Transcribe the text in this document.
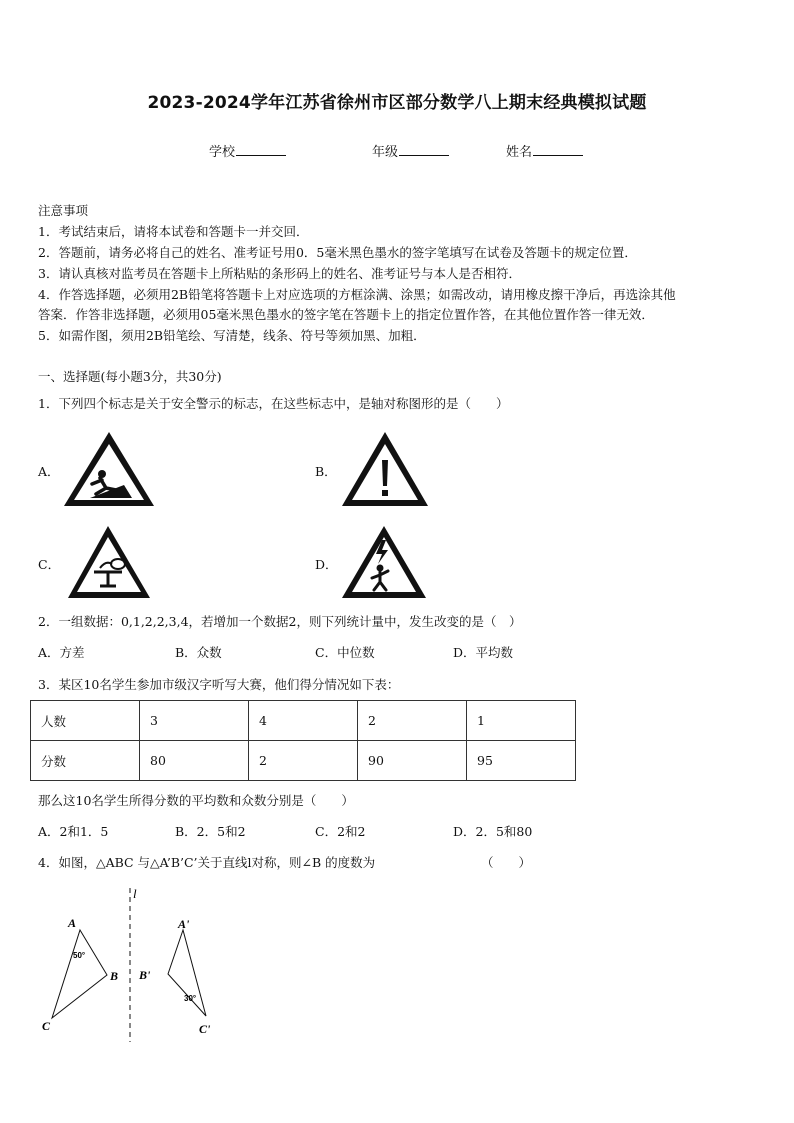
2023-2024学年江苏省徐州市区部分数学八上期末经典模拟试题
学校	年级	姓名
注意事项
1．考试结束后，请将本试卷和答题卡一并交回．
2．答题前，请务必将自己的姓名、准考证号用0．5毫米黑色墨水的签字笔填写在试卷及答题卡的规定位置．
3．请认真核对监考员在答题卡上所粘贴的条形码上的姓名、准考证号与本人是否相符．
4．作答选择题，必须用2B铅笔将答题卡上对应选项的方框涂满、涂黑；如需改动，请用橡皮擦干净后，再选涂其他
答案．作答非选择题，必须用05毫米黑色墨水的签字笔在答题卡上的指定位置作答，在其他位置作答一律无效．
5．如需作图，须用2B铅笔绘、写清楚，线条、符号等须加黑、加粗．
一、选择题(每小题3分，共30分)
1．下列四个标志是关于安全警示的标志，在这些标志中，是轴对称图形的是（　　）
A．	B．
C．	D．
2．一组数据：0,1,2,2,3,4，若增加一个数据2，则下列统计量中，发生改变的是（　）
A．方差	B．众数	C．中位数	D．平均数
3．某区10名学生参加市级汉字听写大赛，他们得分情况如下表：
人数	3	4	2	1
分数	80	2	90	95
那么这10名学生所得分数的平均数和众数分别是（　　）
A．2和1．5	B．2．5和2	C．2和2	D．2．5和80
4．如图，△ABC 与△A’B’C’关于直线l对称，则∠B 的度数为	（　　）
l
A
B
C
A'
B'
C'
50°
30°
